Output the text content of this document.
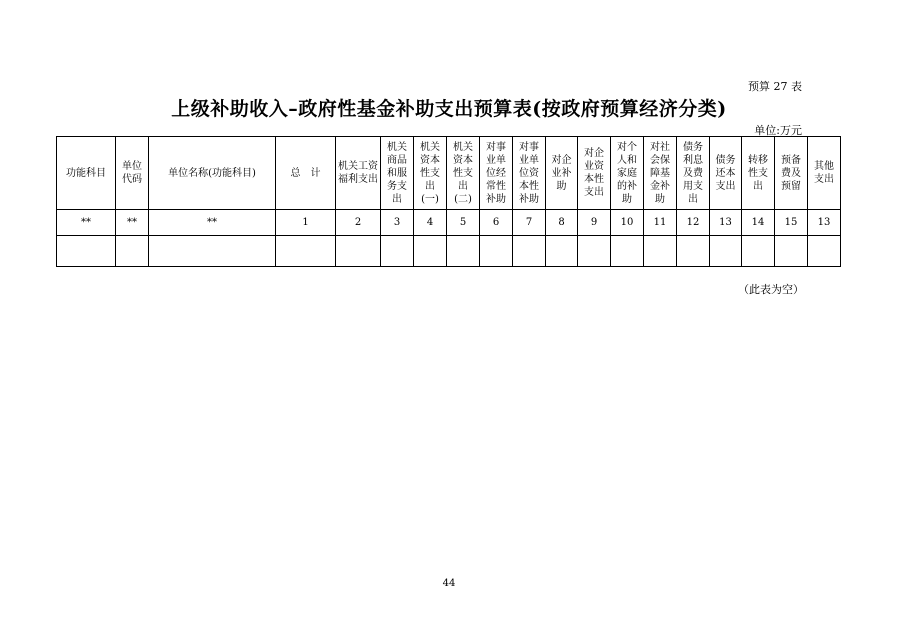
预算 27 表
上级补助收入–政府性基金补助支出预算表(按政府预算经济分类)
单位:万元
功能科目	单位
代码	单位名称(功能科目)	总　计	机关工资
福利支出	机关
商品
和服
务支
出	机关
资本
性支
出
(一)	机关
资本
性支
出
(二)	对事
业单
位经
常性
补助	对事
业单
位资
本性
补助	对企
业补
助	对企
业资
本性
支出	对个
人和
家庭
的补
助	对社
会保
障基
金补
助	债务
利息
及费
用支
出	债务
还本
支出	转移
性支
出	预备
费及
预留	其他
支出
**	**	**	1	2	3	4	5	6	7	8	9	10	11	12	13	14	15	13

（此表为空）
44
